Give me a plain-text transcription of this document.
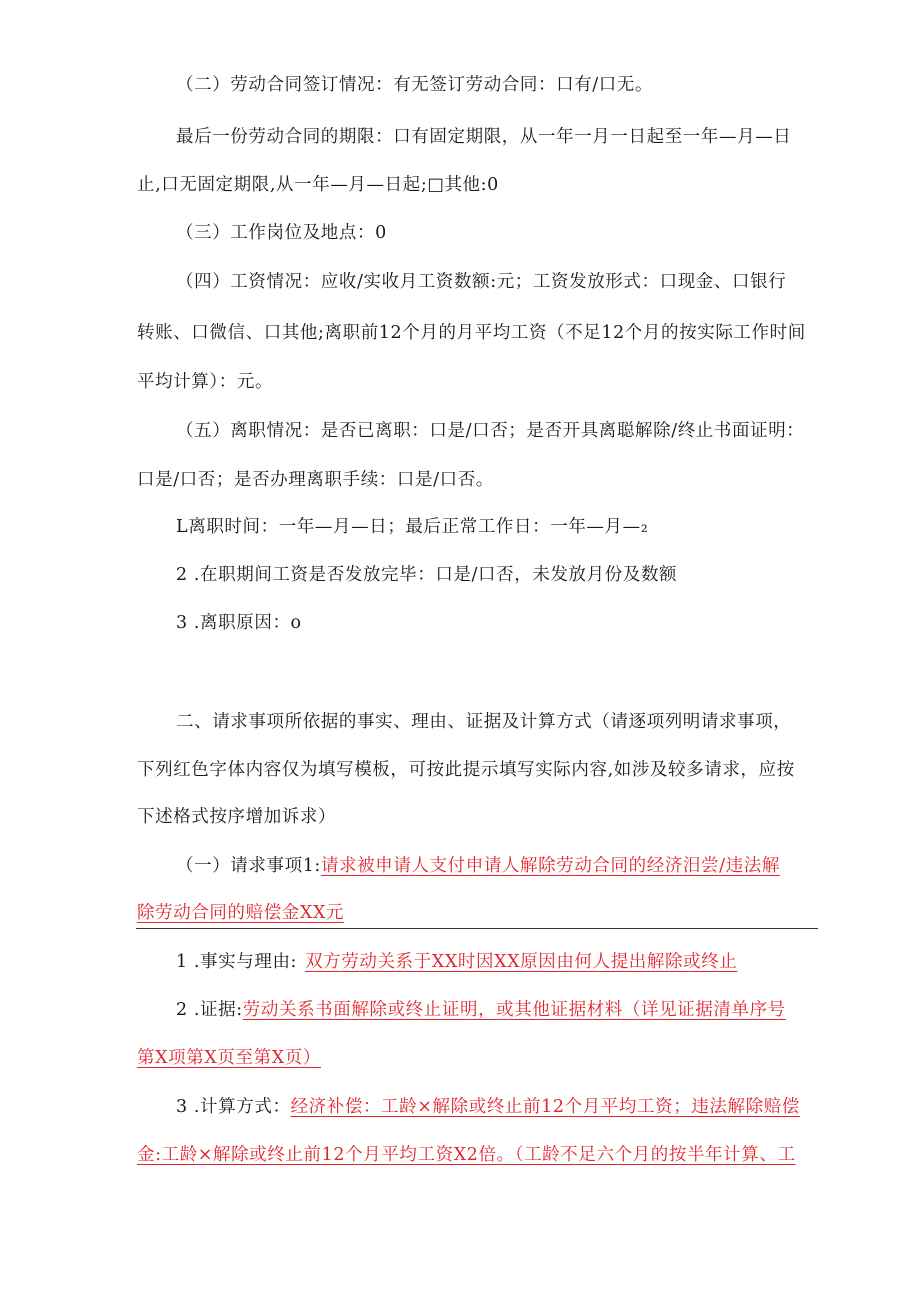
（二）劳动合同签订情况：有无签订劳动合同：口有/口无。
最后一份劳动合同的期限：口有固定期限，从一年一月一日起至一年—月—日
止,口无固定期限,从一年—月—日起;□其他:0
（三）工作岗位及地点：0
（四）工资情况：应收/实收月工资数额:元；工资发放形式：口现金、口银行
转账、口微信、口其他;离职前12个月的月平均工资（不足12个月的按实际工作时间
平均计算）：元。
（五）离职情况：是否已离职：口是/口否；是否开具离聪解除/终止书面证明：
口是/口否；是否办理离职手续：口是/口否。
L离职时间：一年—月—日；最后正常工作日：一年—月—₂
2 .在职期间工资是否发放完毕：口是/口否，未发放月份及数额
3 .离职原因：o
二、请求事项所依据的事实、理由、证据及计算方式（请逐项列明请求事项，
下列红色字体内容仅为填写模板，可按此提示填写实际内容,如涉及较多请求，应按
下述格式按序增加诉求）
（一）请求事项1:请求被申请人支付申请人解除劳动合同的经济汨尝/违法解
除劳动合同的赔偿金XX元
1 .事实与理由: 双方劳动关系于XX时因XX原因由何人提出解除或终止
2 .证据:劳动关系书面解除或终止证明，或其他证据材料（详见证据清单序号
第X项第X页至第X页）
3 .计算方式：经济补偿：工龄×解除或终止前12个月平均工资；违法解除赔偿
金:工龄×解除或终止前12个月平均工资X2倍。（工龄不足六个月的按半年计算、工
